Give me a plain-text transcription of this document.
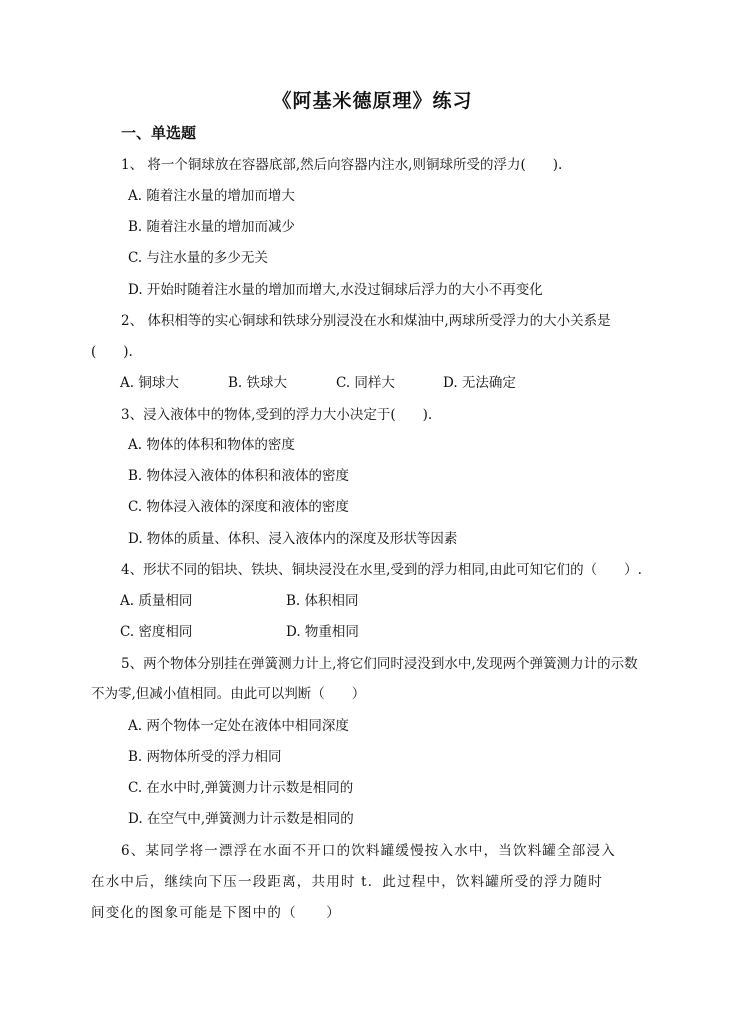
《阿基米德原理》练习
一、单选题
1、 将一个铜球放在容器底部,然后向容器内注水,则铜球所受的浮力(　　).
A. 随着注水量的增加而增大
B. 随着注水量的增加而减少
C. 与注水量的多少无关
D. 开始时随着注水量的增加而增大,水没过铜球后浮力的大小不再变化
2、 体积相等的实心铜球和铁球分别浸没在水和煤油中,两球所受浮力的大小关系是
(　　).
A. 铜球大	B. 铁球大	C. 同样大	D. 无法确定
3、浸入液体中的物体,受到的浮力大小决定于(　　).
A. 物体的体积和物体的密度
B. 物体浸入液体的体积和液体的密度
C. 物体浸入液体的深度和液体的密度
D. 物体的质量、体积、浸入液体内的深度及形状等因素
4、形状不同的铝块、铁块、铜块浸没在水里,受到的浮力相同,由此可知它们的（　　）.
A. 质量相同	B. 体积相同
C. 密度相同	D. 物重相同
5、两个物体分别挂在弹簧测力计上,将它们同时浸没到水中,发现两个弹簧测力计的示数
不为零,但减小值相同。由此可以判断（　　）
A. 两个物体一定处在液体中相同深度
B. 两物体所受的浮力相同
C. 在水中时,弹簧测力计示数是相同的
D. 在空气中,弹簧测力计示数是相同的
6、某同学将一漂浮在水面不开口的饮料罐缓慢按入水中，当饮料罐全部浸入
在水中后，继续向下压一段距离，共用时 t．此过程中，饮料罐所受的浮力随时
间变化的图象可能是下图中的（　　）
